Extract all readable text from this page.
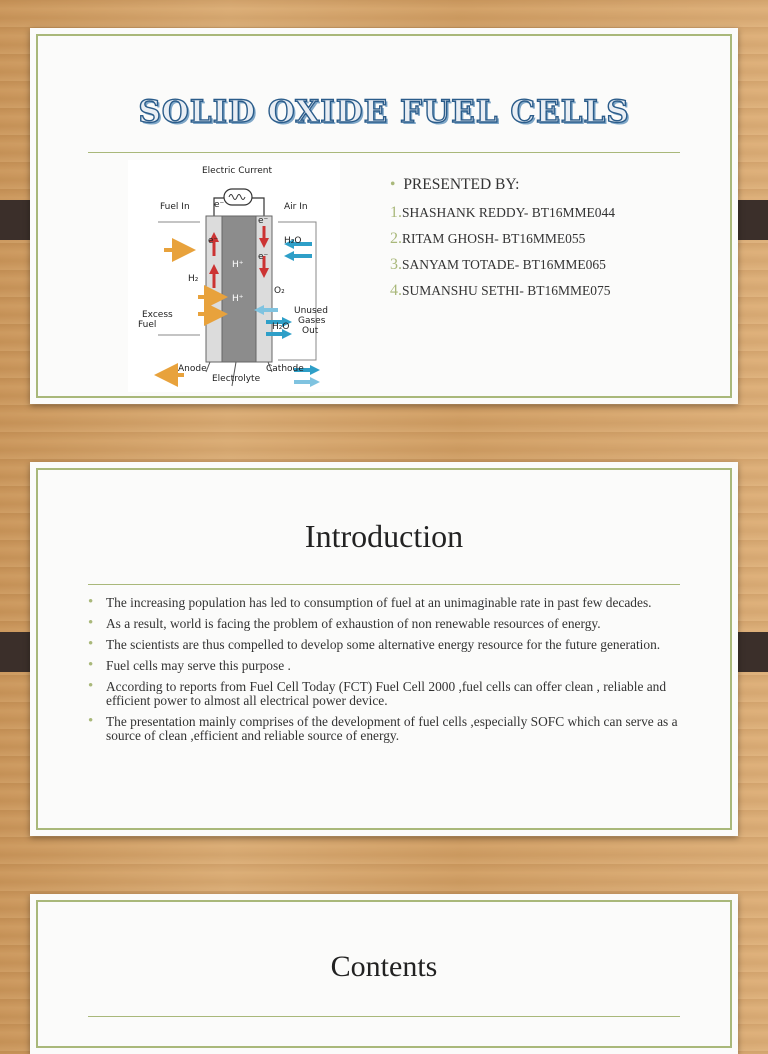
SOLID OXIDE FUEL CELLS
Electric Current
Fuel In	Air In
e⁻
e⁻
e⁻
e⁻
H₂O
H⁺
H⁺
H₂
O₂
H₂O
Excess
Fuel
Unused
Gases
Out
Anode
Electrolyte
Cathode
• PRESENTED BY:
1.SHASHANK REDDY- BT16MME044
2.RITAM GHOSH- BT16MME055
3.SANYAM TOTADE- BT16MME065
4.SUMANSHU SETHI- BT16MME075
Introduction
• The increasing population has led to consumption of fuel at an unimaginable rate in past few decades.
• As a result, world is facing the problem of exhaustion of non renewable resources of energy.
• The scientists are thus compelled to develop some alternative energy resource for the future generation.
• Fuel cells may serve this purpose .
• According to reports from Fuel Cell Today (FCT) Fuel Cell 2000 ,fuel cells can offer clean , reliable and efficient power to almost all electrical power device.
• The presentation mainly comprises of the development of fuel cells ,especially SOFC which can serve as a source of clean ,efficient and reliable source of energy.
Contents
